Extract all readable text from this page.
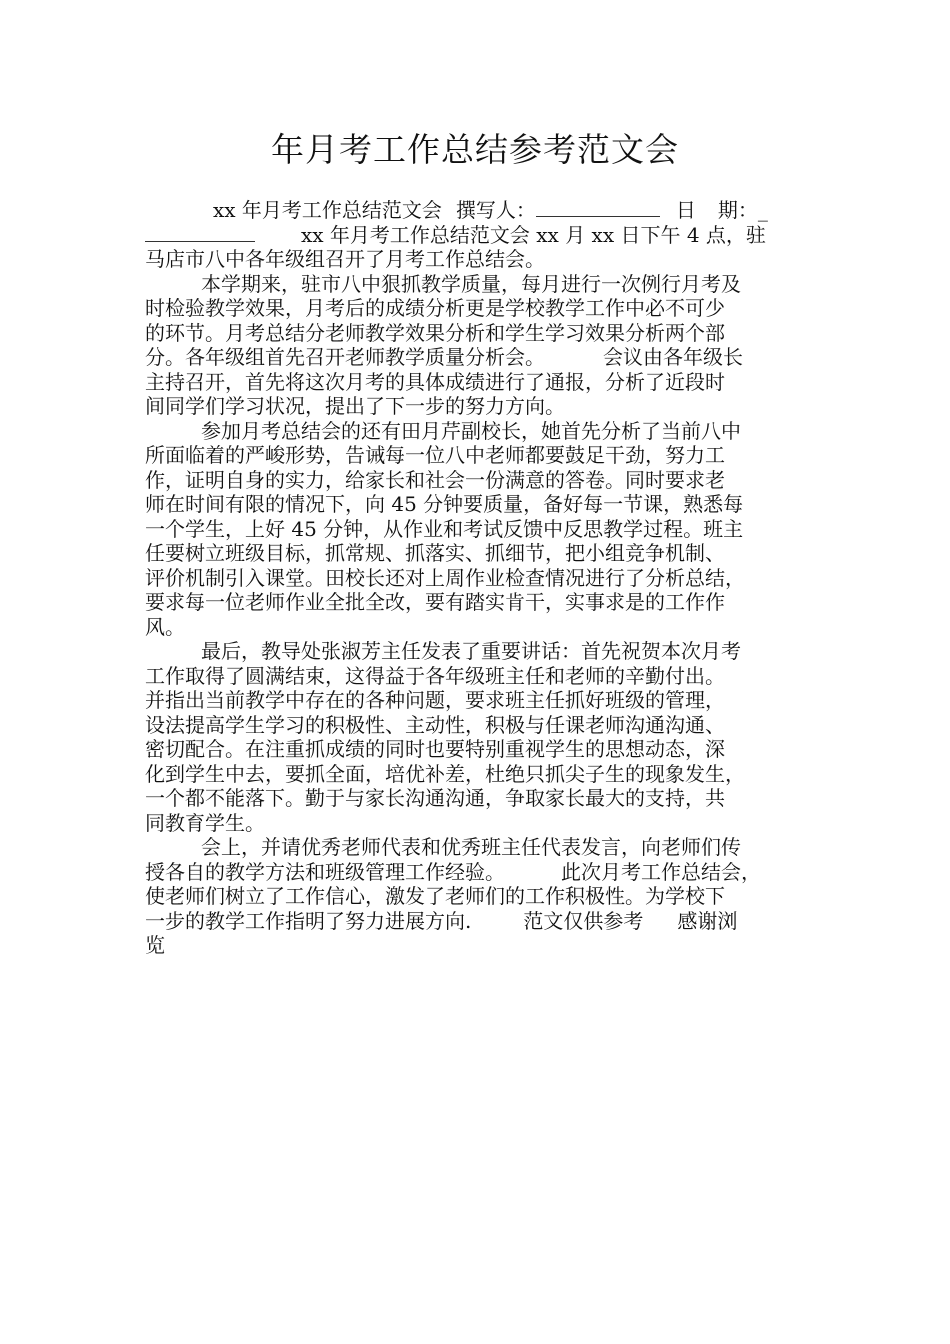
年月考工作总结参考范文会
xx 年月考工作总结范文会 撰写人：	日 期：_
xx 年月考工作总结范文会 xx 月 xx 日下午 4 点，驻
马店市八中各年级组召开了月考工作总结会。
本学期来，驻市八中狠抓教学质量，每月进行一次例行月考及
时检验教学效果，月考后的成绩分析更是学校教学工作中必不可少
的环节。月考总结分老师教学效果分析和学生学习效果分析两个部
分。各年级组首先召开老师教学质量分析会。	会议由各年级长
主持召开，首先将这次月考的具体成绩进行了通报，分析了近段时
间同学们学习状况，提出了下一步的努力方向。
参加月考总结会的还有田月芹副校长，她首先分析了当前八中
所面临着的严峻形势，告诫每一位八中老师都要鼓足干劲，努力工
作，证明自身的实力，给家长和社会一份满意的答卷。同时要求老
师在时间有限的情况下，向 45 分钟要质量，备好每一节课，熟悉每
一个学生，上好 45 分钟，从作业和考试反馈中反思教学过程。班主
任要树立班级目标，抓常规、抓落实、抓细节，把小组竞争机制、
评价机制引入课堂。田校长还对上周作业检查情况进行了分析总结，
要求每一位老师作业全批全改，要有踏实肯干，实事求是的工作作
风。
最后，教导处张淑芳主任发表了重要讲话：首先祝贺本次月考
工作取得了圆满结束，这得益于各年级班主任和老师的辛勤付出。
并指出当前教学中存在的各种问题，要求班主任抓好班级的管理，
设法提高学生学习的积极性、主动性，积极与任课老师沟通沟通、
密切配合。在注重抓成绩的同时也要特别重视学生的思想动态，深
化到学生中去，要抓全面，培优补差，杜绝只抓尖子生的现象发生，
一个都不能落下。勤于与家长沟通沟通，争取家长最大的支持，共
同教育学生。
会上，并请优秀老师代表和优秀班主任代表发言，向老师们传
授各自的教学方法和班级管理工作经验。	此次月考工作总结会，
使老师们树立了工作信心，激发了老师们的工作积极性。为学校下
一步的教学工作指明了努力进展方向.	范文仅供参考 感谢浏
览
